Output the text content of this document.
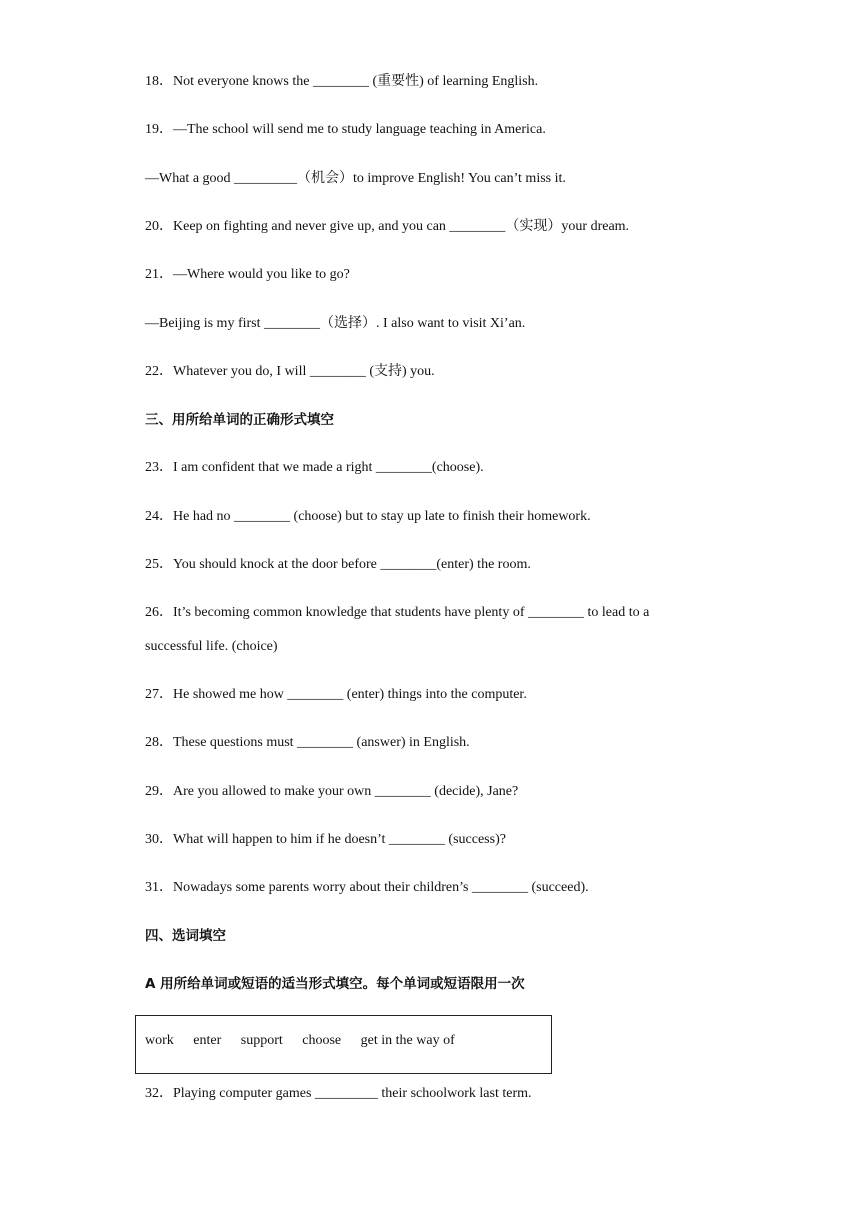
18．Not everyone knows the ________ (重要性) of learning English.
19．—The school will send me to study language teaching in America.
—What a good _________（机会）to improve English! You can’t miss it.
20．Keep on fighting and never give up, and you can ________（实现）your dream.
21．—Where would you like to go?
—Beijing is my first ________（选择）. I also want to visit Xi’an.
22．Whatever you do, I will ________ (支持) you.
三、用所给单词的正确形式填空
23．I am confident that we made a right ________(choose).
24．He had no ________ (choose) but to stay up late to finish their homework.
25．You should knock at the door before ________(enter) the room.
26．It’s becoming common knowledge that students have plenty of ________ to lead to a
successful life. (choice)
27．He showed me how ________ (enter) things into the computer.
28．These questions must ________ (answer) in English.
29．Are you allowed to make your own ________ (decide), Jane?
30．What will happen to him if he doesn’t ________ (success)?
31．Nowadays some parents worry about their children’s ________ (succeed).
四、选词填空
A 用所给单词或短语的适当形式填空。每个单词或短语限用一次
work enter support choose get in the way of
32．Playing computer games _________ their schoolwork last term.
